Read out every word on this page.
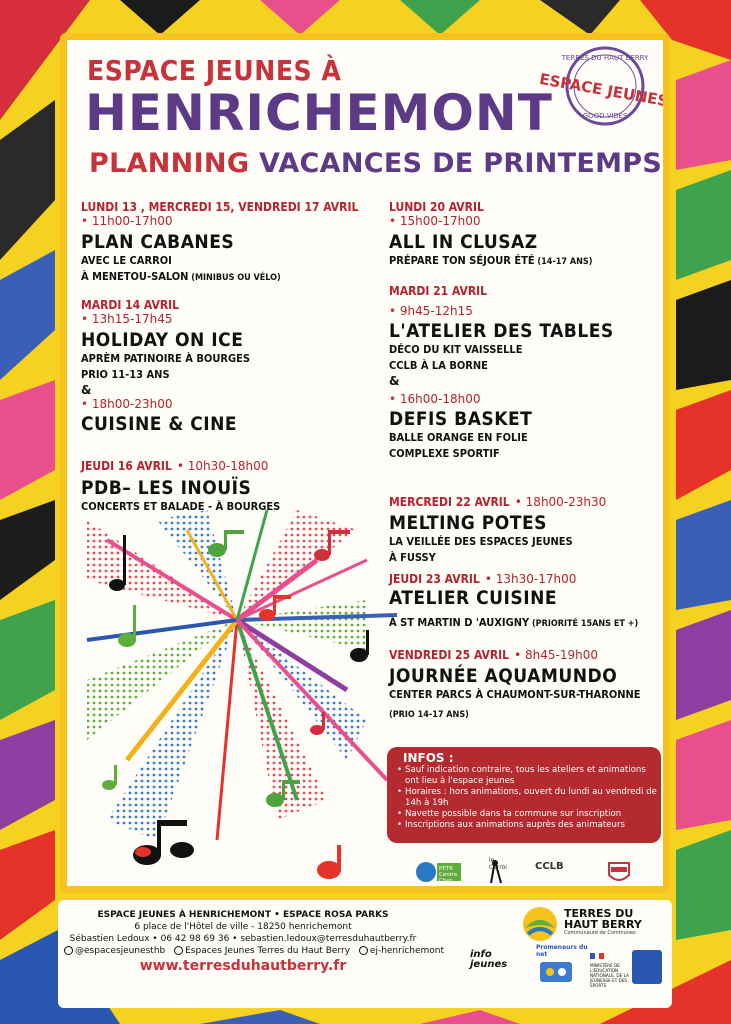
ESPACE JEUNES À
HENRICHEMONT
PLANNING VACANCES DE PRINTEMPS
TERRES DU HAUT BERRY
ESPACE JEUNES
GOOD VIBES
LUNDI 13 , MERCREDI 15, VENDREDI 17 AVRIL
• 11h00-17h00
PLAN CABANES
AVEC LE CARROI
À MENETOU-SALON (MINIBUS OU VÉLO)
MARDI 14 AVRIL
• 13h15-17h45
HOLIDAY ON ICE
APRÈM PATINOIRE À BOURGES
PRIO 11-13 ANS
&
• 18h00-23h00
CUISINE & CINE
JEUDI 16 AVRIL • 10h30-18h00
PDB– LES INOUÏS
CONCERTS ET BALADE - À BOURGES
LUNDI 20 AVRIL
• 15h00-17h00
ALL IN CLUSAZ
PRÉPARE TON SÉJOUR ÉTÉ (14-17 ANS)
MARDI 21 AVRIL
• 9h45-12h15
L'ATELIER DES TABLES
DÉCO DU KIT VAISSELLE
CCLB À LA BORNE
&
• 16h00-18h00
DEFIS BASKET
BALLE ORANGE EN FOLIE
COMPLEXE SPORTIF
MERCREDI 22 AVRIL • 18h00-23h30
MELTING POTES
LA VEILLÉE DES ESPACES JEUNES
À FUSSY
JEUDI 23 AVRIL • 13h30-17h00
ATELIER CUISINE
À ST MARTIN D 'AUXIGNY (PRIORITÉ 15ANS ET +)
VENDREDI 25 AVRIL • 8h45-19h00
JOURNÉE AQUAMUNDO
CENTER PARCS À CHAUMONT-SUR-THARONNE
(PRIO 14-17 ANS)
INFOS :
• Sauf indication contraire, tous les ateliers et animations ont lieu à l'espace jeunes
• Horaires : hors animations, ouvert du lundi au vendredi de 14h à 19h
• Navette possible dans ta commune sur inscription
• Inscriptions aux animations auprès des animateurs
PETR Centre Cher
le Carroi	CCLB
ESPACE JEUNES À HENRICHEMONT • ESPACE ROSA PARKS
6 place de l'Hôtel de ville - 18250 henrichemont
Sébastien Ledoux • 06 42 98 69 36 • sebastien.ledoux@terresduhautberry.fr
@espacesjeunesthb Espaces Jeunes Terres du Haut Berry ej-henrichemont
www.terresduhautberry.fr
TERRES DU
HAUT BERRY
Communauté de Communes
info jeunes
Promeneurs du net
MINISTÈRE DE L'ÉDUCATION NATIONALE, DE LA JEUNESSE ET DES SPORTS
